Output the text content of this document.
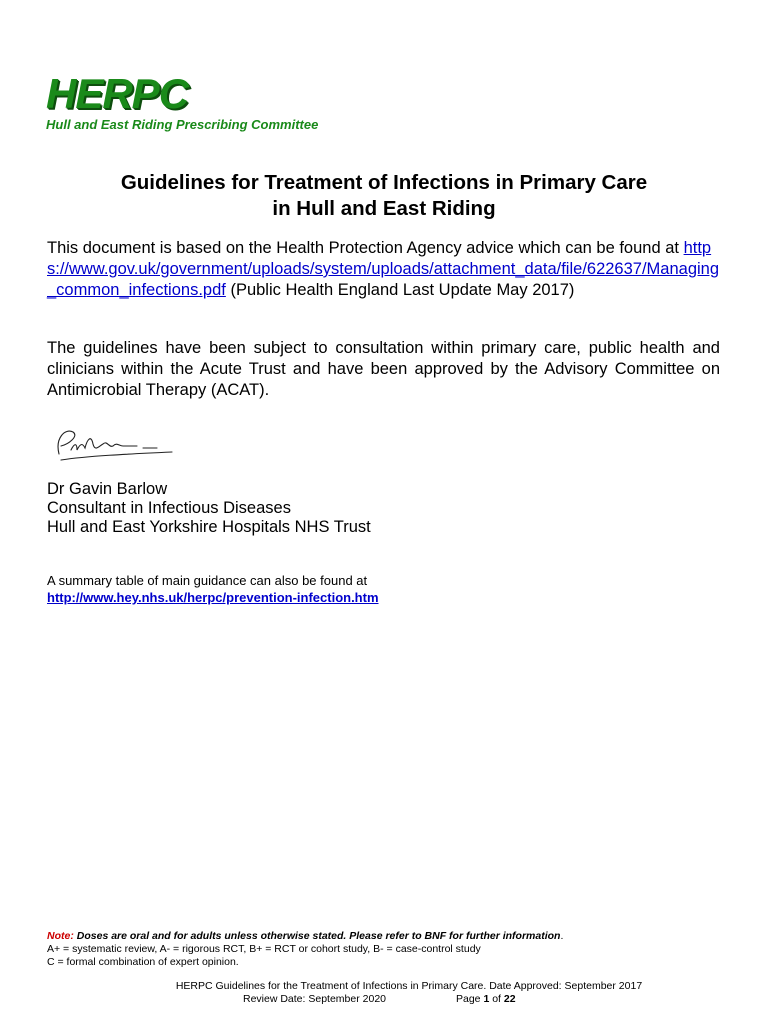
HERPC
Hull and East Riding Prescribing Committee
Guidelines for Treatment of Infections in Primary Care
in Hull and East Riding
This document is based on the Health Protection Agency advice which can be found at https://www.gov.uk/government/uploads/system/uploads/attachment_data/file/622637/Managing_common_infections.pdf (Public Health England Last Update May 2017)
The guidelines have been subject to consultation within primary care, public health and clinicians within the Acute Trust and have been approved by the Advisory Committee on Antimicrobial Therapy (ACAT).
Dr Gavin Barlow
Consultant in Infectious Diseases
Hull and East Yorkshire Hospitals NHS Trust
A summary table of main guidance can also be found at
http://www.hey.nhs.uk/herpc/prevention-infection.htm
Note: Doses are oral and for adults unless otherwise stated. Please refer to BNF for further information.
A+ = systematic review, A- = rigorous RCT, B+ = RCT or cohort study, B- = case-control study
C = formal combination of expert opinion.
HERPC Guidelines for the Treatment of Infections in Primary Care. Date Approved: September 2017
Review Date: September 2020	Page 1 of 22
